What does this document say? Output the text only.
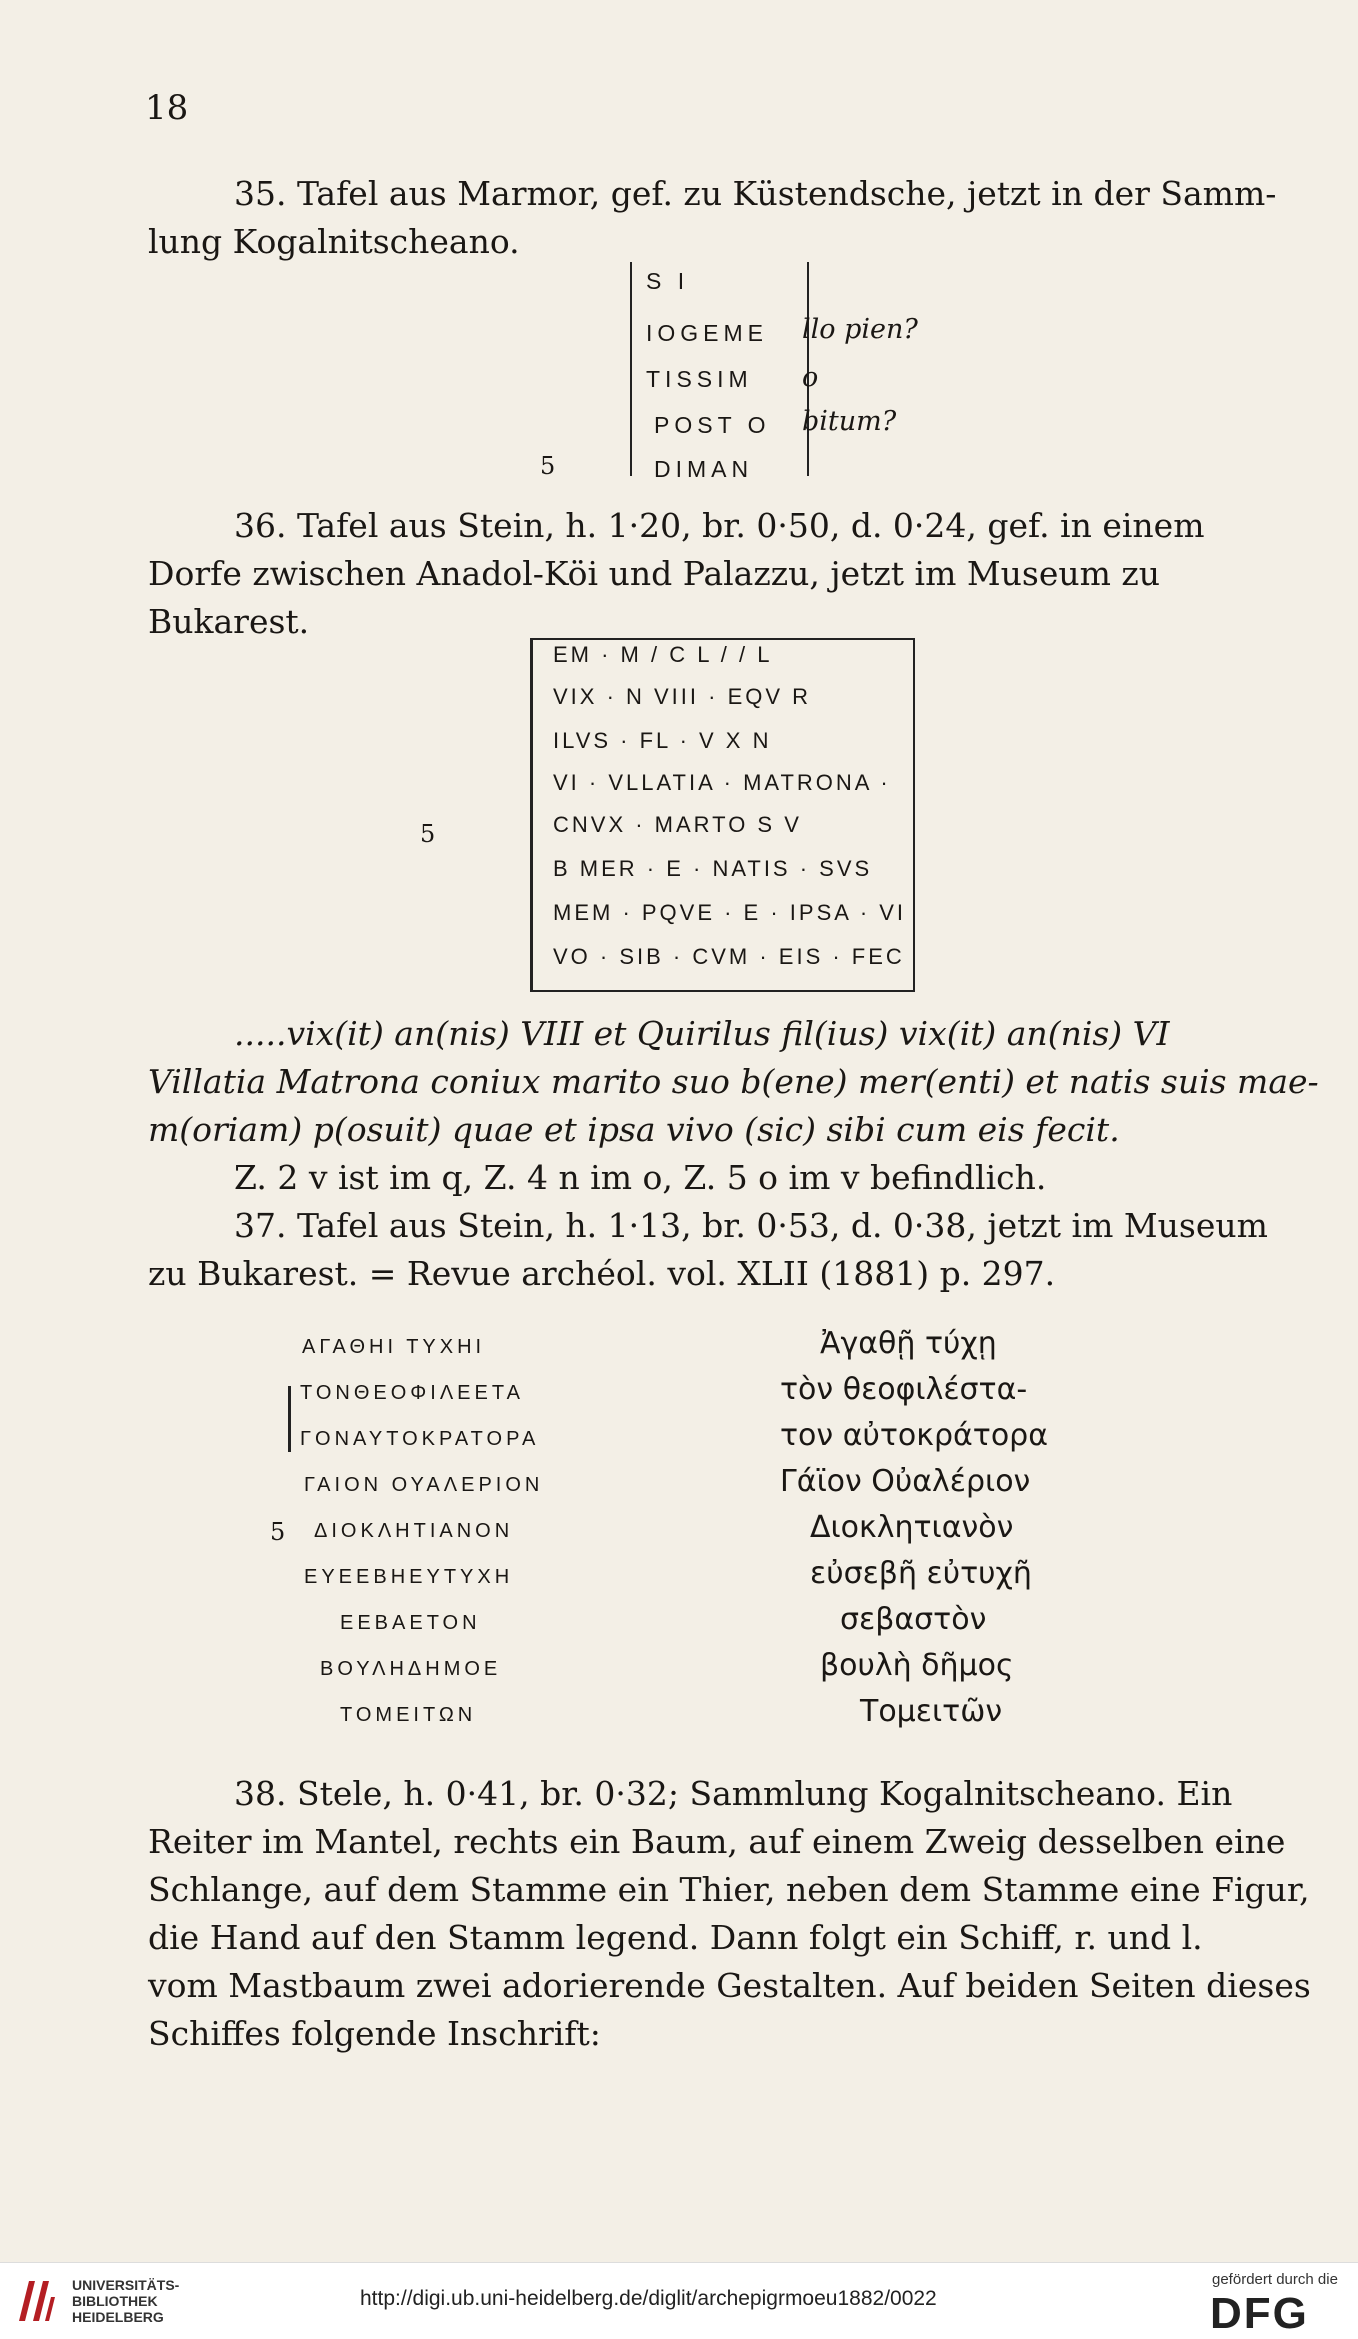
18
35. Tafel aus Marmor, gef. zu Küstendsche, jetzt in der Samm-
lung Kogalnitscheano.
S I
IOGEME
TISSIM
POST O
DIMAN
llo pien?
o
bitum?
5
36. Tafel aus Stein, h. 1·20, br. 0·50, d. 0·24, gef. in einem
Dorfe zwischen Anadol-Köi und Palazzu, jetzt im Museum zu
Bukarest.
EM · M / C L / / L
VIX · N VIII · EQV R
ILVS · FL · V X N
VI · VLLATIA · MATRONA ·
CNVX · MARTO S V
B MER · E · NATIS · SVS
MEM · PQVE · E · IPSA · VI
VO · SIB · CVM · EIS · FEC
5
.....vix(it) an(nis) VIII et Quirilus fil(ius) vix(it) an(nis) VI
Villatia Matrona coniux marito suo b(ene) mer(enti) et natis suis mae-
m(oriam) p(osuit) quae et ipsa vivo (sic) sibi cum eis fecit.
Z. 2 v ist im q, Z. 4 n im o, Z. 5 o im v befindlich.
37. Tafel aus Stein, h. 1·13, br. 0·53, d. 0·38, jetzt im Museum
zu Bukarest. = Revue archéol. vol. XLII (1881) p. 297.
ΑΓΑΘΗΙ ΤΥΧΗΙ
ΤΟΝΘΕΟΦΙΛΕΕΤΑ
ΓΟΝΑΥΤΟΚΡΑΤΟΡΑ
ΓΑΙΟΝ ΟΥΑΛΕΡΙΟΝ
ΔΙΟΚΛΗΤΙΑΝΟΝ
ΕΥΕΕΒΗΕΥΤΥΧΗ
ΕΕΒΑΕΤΟΝ
ΒΟΥΛΗΔΗΜΟΕ
ΤΟΜΕΙΤΩΝ
5
Ἀγαθῇ τύχῃ
τὸν θεοφιλέστα-
τον αὐτοκράτορα
Γάϊον Οὐαλέριον
Διοκλητιανὸν
εὐσεβῆ εὐτυχῆ
σεβαστὸν
βουλὴ δῆμος
Τομειτῶν
38. Stele, h. 0·41, br. 0·32; Sammlung Kogalnitscheano. Ein
Reiter im Mantel, rechts ein Baum, auf einem Zweig desselben eine
Schlange, auf dem Stamme ein Thier, neben dem Stamme eine Figur,
die Hand auf den Stamm legend. Dann folgt ein Schiff, r. und l.
vom Mastbaum zwei adorierende Gestalten. Auf beiden Seiten dieses
Schiffes folgende Inschrift:
UNIVERSITÄTS-
BIBLIOTHEK
HEIDELBERG
http://digi.ub.uni-heidelberg.de/diglit/archepigrmoeu1882/0022
gefördert durch die
DFG
